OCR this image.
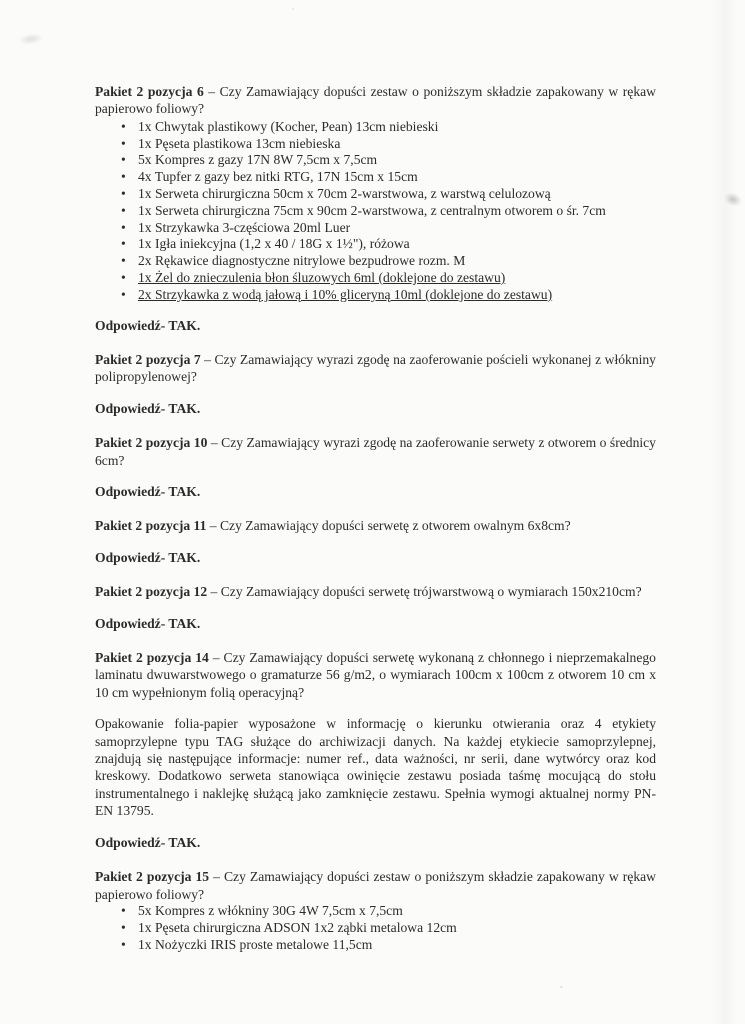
Pakiet 2 pozycja 6 – Czy Zamawiający dopuści zestaw o poniższym składzie zapakowany w rękaw papierowo foliowy?

• 1x Chwytak plastikowy (Kocher, Pean) 13cm niebieski
• 1x Pęseta plastikowa 13cm niebieska
• 5x Kompres z gazy 17N 8W 7,5cm x 7,5cm
• 4x Tupfer z gazy bez nitki RTG, 17N 15cm x 15cm
• 1x Serweta chirurgiczna 50cm x 70cm 2-warstwowa, z warstwą celulozową
• 1x Serweta chirurgiczna 75cm x 90cm 2-warstwowa, z centralnym otworem o śr. 7cm
• 1x Strzykawka 3-częściowa 20ml Luer
• 1x Igła iniekcyjna (1,2 x 40 / 18G x 1½"), różowa
• 2x Rękawice diagnostyczne nitrylowe bezpudrowe rozm. M
• 1x Żel do znieczulenia błon śluzowych 6ml (doklejone do zestawu)
• 2x Strzykawka z wodą jałową i 10% gliceryną 10ml (doklejone do zestawu)

Odpowiedź- TAK.

Pakiet 2 pozycja 7 – Czy Zamawiający wyrazi zgodę na zaoferowanie pościeli wykonanej z włókniny polipropylenowej?

Odpowiedź- TAK.

Pakiet 2 pozycja 10 – Czy Zamawiający wyrazi zgodę na zaoferowanie serwety z otworem o średnicy 6cm?

Odpowiedź- TAK.

Pakiet 2 pozycja 11 – Czy Zamawiający dopuści serwetę z otworem owalnym 6x8cm?

Odpowiedź- TAK.

Pakiet 2 pozycja 12 – Czy Zamawiający dopuści serwetę trójwarstwową o wymiarach 150x210cm?

Odpowiedź- TAK.

Pakiet 2 pozycja 14 – Czy Zamawiający dopuści serwetę wykonaną z chłonnego i nieprzemakalnego laminatu dwuwarstwowego o gramaturze 56 g/m2, o wymiarach 100cm x 100cm z otworem 10 cm x 10 cm wypełnionym folią operacyjną?

Opakowanie folia-papier wyposażone w informację o kierunku otwierania oraz 4 etykiety samoprzylepne typu TAG służące do archiwizacji danych. Na każdej etykiecie samoprzylepnej, znajdują się następujące informacje: numer ref., data ważności, nr serii, dane wytwórcy oraz kod kreskowy. Dodatkowo serweta stanowiąca owinięcie zestawu posiada taśmę mocującą do stołu instrumentalnego i naklejkę służącą jako zamknięcie zestawu. Spełnia wymogi aktualnej normy PN-EN 13795.

Odpowiedź- TAK.

Pakiet 2 pozycja 15 – Czy Zamawiający dopuści zestaw o poniższym składzie zapakowany w rękaw papierowo foliowy?

• 5x Kompres z włókniny 30G 4W 7,5cm x 7,5cm
• 1x Pęseta chirurgiczna ADSON 1x2 ząbki metalowa 12cm
• 1x Nożyczki IRIS proste metalowe 11,5cm
